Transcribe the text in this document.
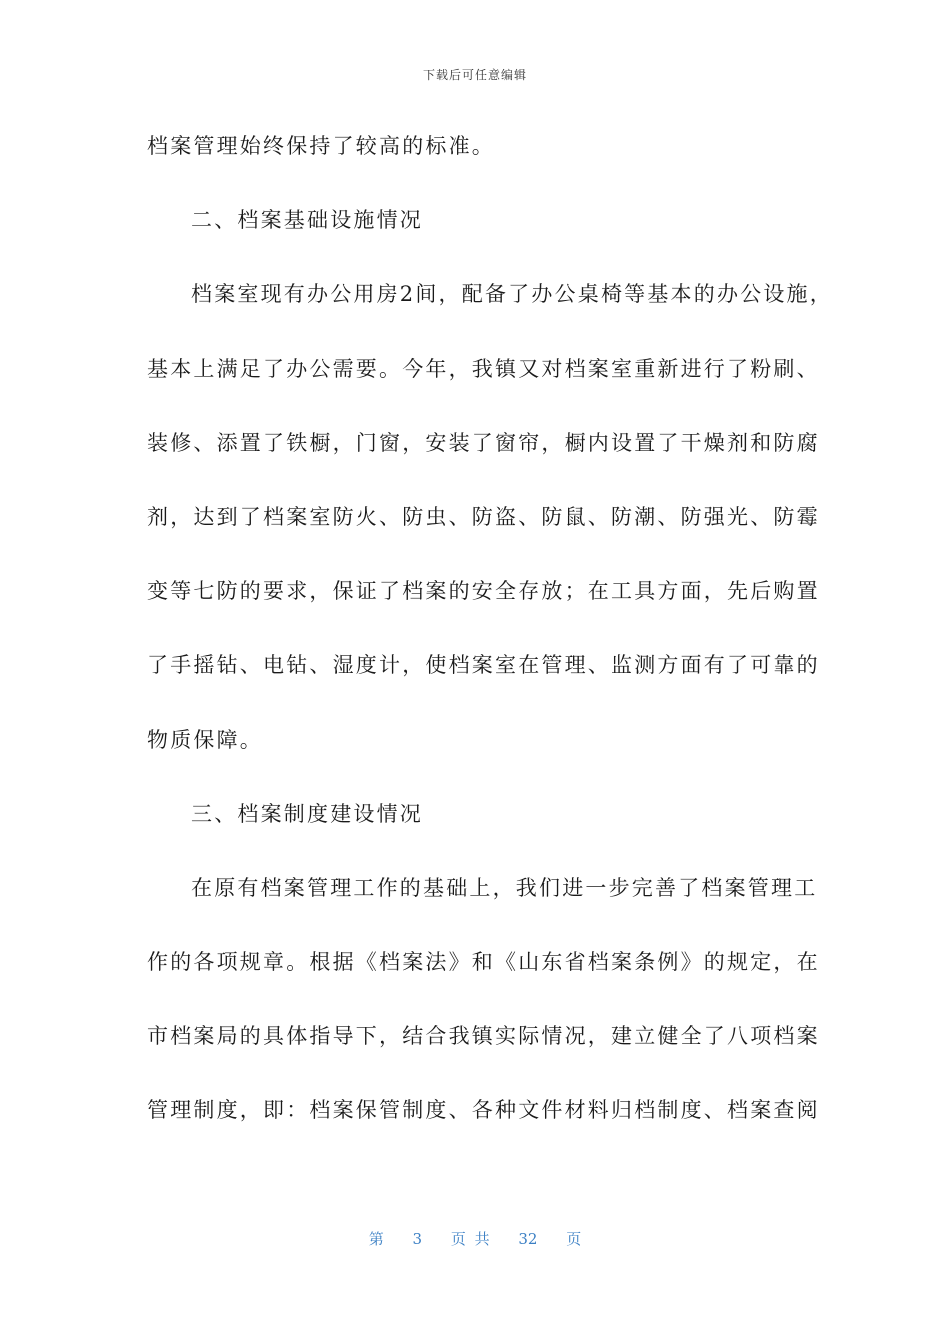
下载后可任意编辑
档案管理始终保持了较高的标准。
二、档案基础设施情况
档案室现有办公用房2间，配备了办公桌椅等基本的办公设施，
基本上满足了办公需要。今年，我镇又对档案室重新进行了粉刷、
装修、添置了铁橱，门窗，安装了窗帘，橱内设置了干燥剂和防腐
剂，达到了档案室防火、防虫、防盗、防鼠、防潮、防强光、防霉
变等七防的要求，保证了档案的安全存放；在工具方面，先后购置
了手摇钻、电钻、湿度计，使档案室在管理、监测方面有了可靠的
物质保障。
三、档案制度建设情况
在原有档案管理工作的基础上，我们进一步完善了档案管理工
作的各项规章。根据《档案法》和《山东省档案条例》的规定，在
市档案局的具体指导下，结合我镇实际情况，建立健全了八项档案
管理制度，即：档案保管制度、各种文件材料归档制度、档案查阅
第 3 页 共 32 页
